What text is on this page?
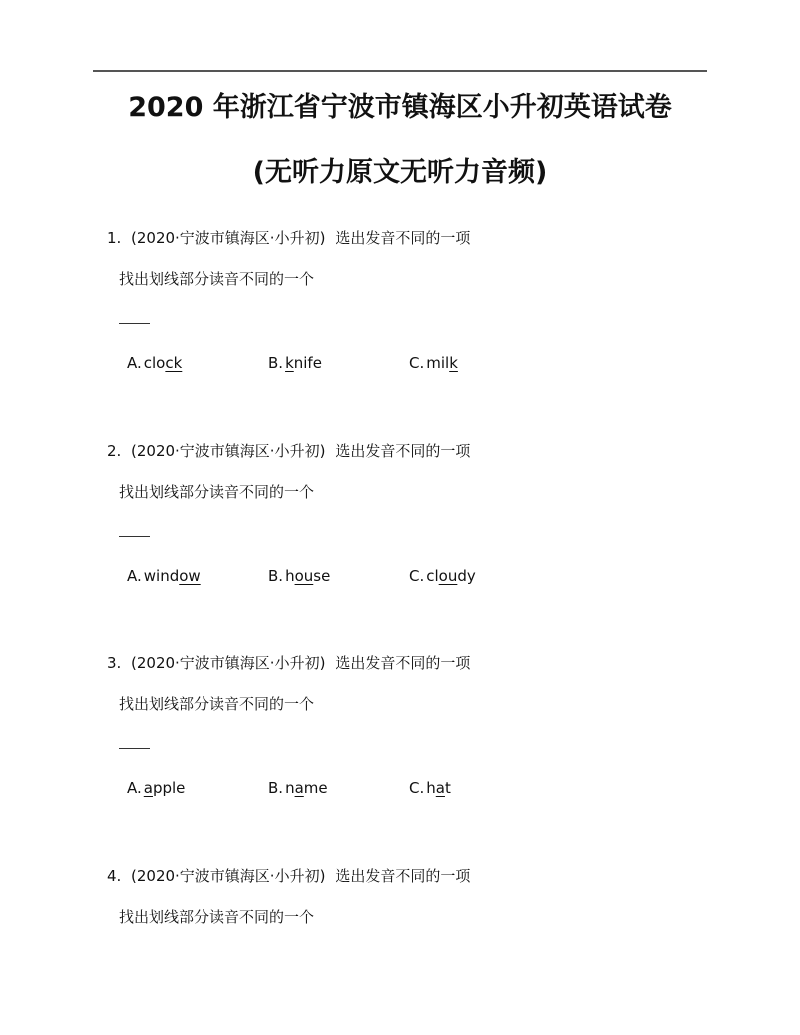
2020 年浙江省宁波市镇海区小升初英语试卷
(无听力原文无听力音频)
1. (2020·宁波市镇海区·小升初) 选出发音不同的一项
找出划线部分读音不同的一个
A. clock	B. knife	C. milk
2. (2020·宁波市镇海区·小升初) 选出发音不同的一项
找出划线部分读音不同的一个
A. window	B. house	C. cloudy
3. (2020·宁波市镇海区·小升初) 选出发音不同的一项
找出划线部分读音不同的一个
A. apple	B. name	C. hat
4. (2020·宁波市镇海区·小升初) 选出发音不同的一项
找出划线部分读音不同的一个
